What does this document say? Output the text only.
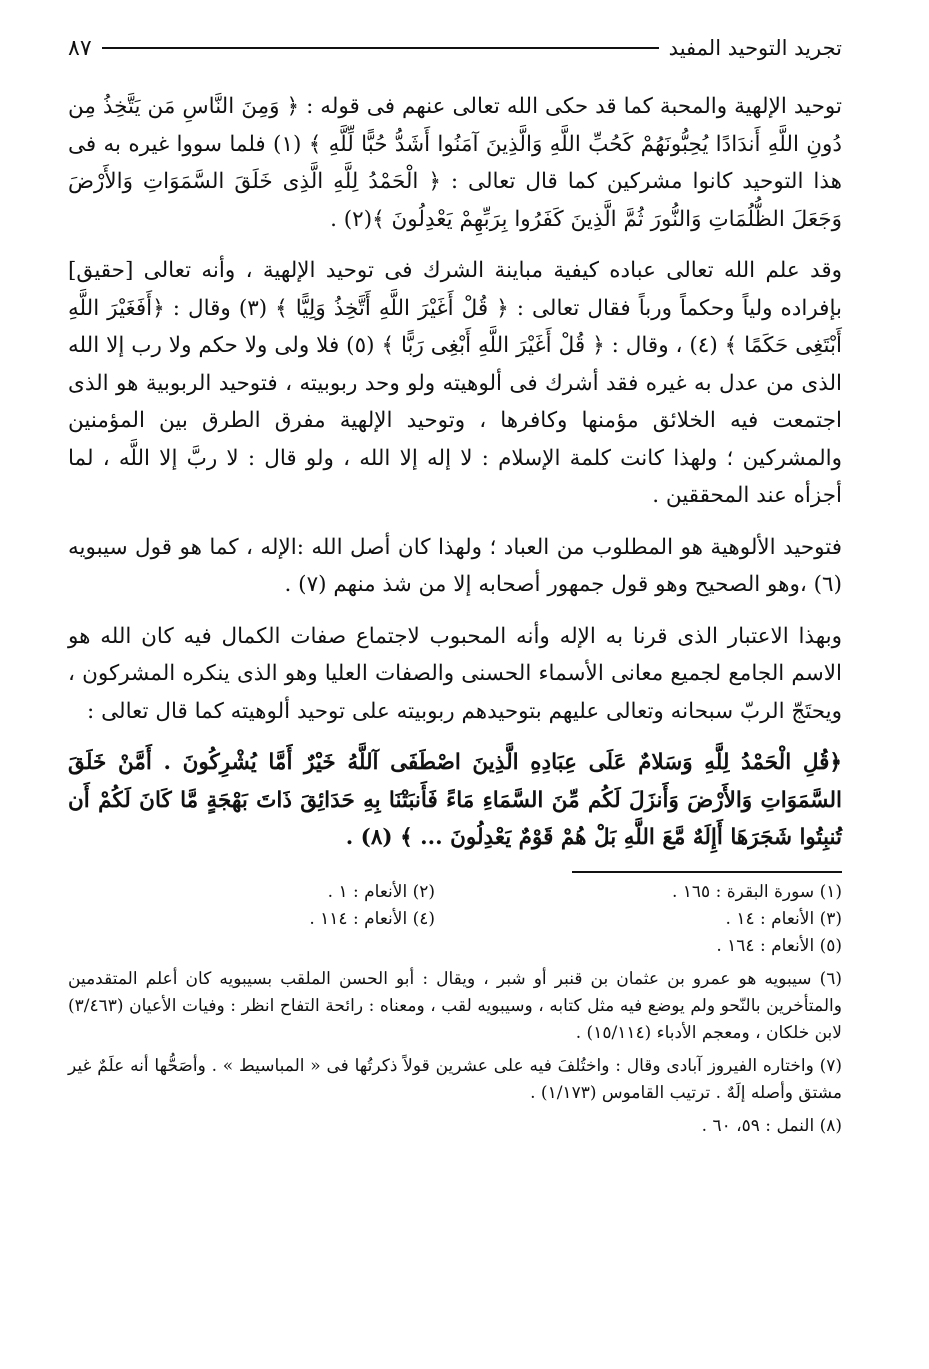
تجريد التوحيد المفيد
٨٧

توحيد الإلهية والمحبة كما قد حكى الله تعالى عنهم فى قوله : ﴿ وَمِنَ النَّاسِ مَن يَتَّخِذُ مِن دُونِ اللَّهِ أَندَادًا يُحِبُّونَهُمْ كَحُبِّ اللَّهِ وَالَّذِينَ آمَنُوا أَشَدُّ حُبًّا لِّلَّهِ ﴾ (١) فلما سووا غيره به فى هذا التوحيد كانوا مشركين كما قال تعالى : ﴿ الْحَمْدُ لِلَّهِ الَّذِى خَلَقَ السَّمَوَاتِ وَالأَرْضَ وَجَعَلَ الظُّلُمَاتِ وَالنُّورَ ثُمَّ الَّذِينَ كَفَرُوا بِرَبِّهِمْ يَعْدِلُونَ ﴾(٢) .

وقد علم الله تعالى عباده كيفية مباينة الشرك فى توحيد الإلهية ، وأنه تعالى [حقيق] بإفراده ولياً وحكماً ورباً فقال تعالى : ﴿ قُلْ أَغَيْرَ اللَّهِ أَتَّخِذُ وَلِيًّا ﴾ (٣) وقال : ﴿أَفَغَيْرَ اللَّهِ أَبْتَغِى حَكَمًا ﴾ (٤) ، وقال : ﴿ قُلْ أَغَيْرَ اللَّهِ أَبْغِى رَبًّا ﴾ (٥) فلا ولى ولا حكم ولا رب إلا الله الذى من عدل به غيره فقد أشرك فى ألوهيته ولو وحد ربوبيته ، فتوحيد الربوبية هو الذى اجتمعت فيه الخلائق مؤمنها وكافرها ، وتوحيد الإلهية مفرق الطرق بين المؤمنين والمشركين ؛ ولهذا كانت كلمة الإسلام : لا إله إلا الله ، ولو قال : لا ربَّ إلا اللَّه ، لما أجزأه عند المحققين .

فتوحيد الألوهية هو المطلوب من العباد ؛ ولهذا كان أصل الله :الإله ، كما هو قول سيبويه (٦) ،وهو الصحيح وهو قول جمهور أصحابه إلا من شذ منهم (٧) .

وبهذا الاعتبار الذى قرنا به الإله وأنه المحبوب لاجتماع صفات الكمال فيه كان الله هو الاسم الجامع لجميع معانى الأسماء الحسنى والصفات العليا وهو الذى ينكره المشركون ، ويحتَجّ الربّ سبحانه وتعالى عليهم بتوحيدهم ربوبيته على توحيد ألوهيته كما قال تعالى :

﴿قُلِ الْحَمْدُ لِلَّهِ وَسَلامٌ عَلَى عِبَادِهِ الَّذِينَ اصْطَفَى آللَّهُ خَيْرٌ أَمَّا يُشْرِكُونَ . أَمَّنْ خَلَقَ السَّمَوَاتِ وَالأَرْضَ وَأَنزَلَ لَكُم مِّنَ السَّمَاءِ مَاءً فَأَنبَتْنَا بِهِ حَدَائِقَ ذَاتَ بَهْجَةٍ مَّا كَانَ لَكُمْ أَن تُنبِتُوا شَجَرَهَا أَإِلَهٌ مَّعَ اللَّهِ بَلْ هُمْ قَوْمٌ يَعْدِلُونَ ... ﴾ (٨) .

(١) سورة البقرة : ١٦٥ .

(٢) الأنعام : ١ .

(٣) الأنعام : ١٤ .

(٤) الأنعام : ١١٤ .

(٥) الأنعام : ١٦٤ .

(٦) سيبويه هو عمرو بن عثمان بن قنبر أو شبر ، ويقال : أبو الحسن الملقب بسيبويه كان أعلم المتقدمين والمتأخرين بالنّحو ولم يوضع فيه مثل كتابه ، وسيبويه لقب ، ومعناه : رائحة التفاح انظر : وفيات الأعيان (٣/٤٦٣) لابن خلكان ، ومعجم الأدباء (١٥/١١٤) .

(٧) واختاره الفيروز آبادى وقال : واختُلفَ فيه على عشرين قولاً ذكرتُها فى « المباسيط » . وأصَحُّها أنه علَمٌ غير مشتق وأصله إلَهٌ . ترتيب القاموس (١/١٧٣) .

(٨) النمل : ٥٩، ٦٠ .
